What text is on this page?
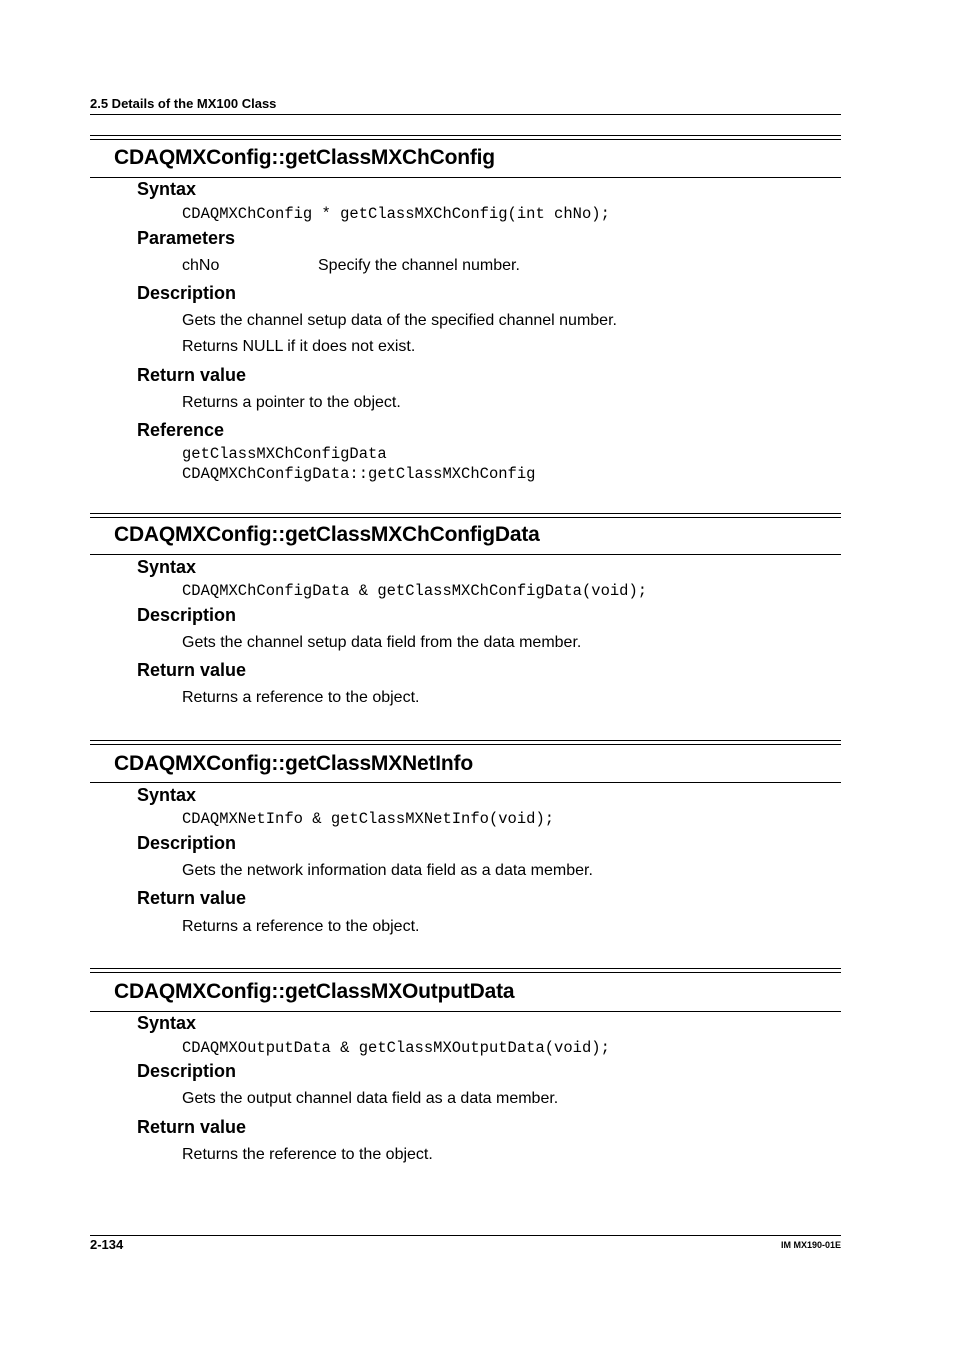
2.5 Details of the MX100 Class
CDAQMXConfig::getClassMXChConfig
Syntax
CDAQMXChConfig * getClassMXChConfig(int chNo);
Parameters
chNo	Specify the channel number.
Description
Gets the channel setup data of the specified channel number.
Returns NULL if it does not exist.
Return value
Returns a pointer to the object.
Reference
getClassMXChConfigData
CDAQMXChConfigData::getClassMXChConfig
CDAQMXConfig::getClassMXChConfigData
Syntax
CDAQMXChConfigData & getClassMXChConfigData(void);
Description
Gets the channel setup data field from the data member.
Return value
Returns a reference to the object.
CDAQMXConfig::getClassMXNetInfo
Syntax
CDAQMXNetInfo & getClassMXNetInfo(void);
Description
Gets the network information data field as a data member.
Return value
Returns a reference to the object.
CDAQMXConfig::getClassMXOutputData
Syntax
CDAQMXOutputData & getClassMXOutputData(void);
Description
Gets the output channel data field as a data member.
Return value
Returns the reference to the object.
2-134	IM MX190-01E
